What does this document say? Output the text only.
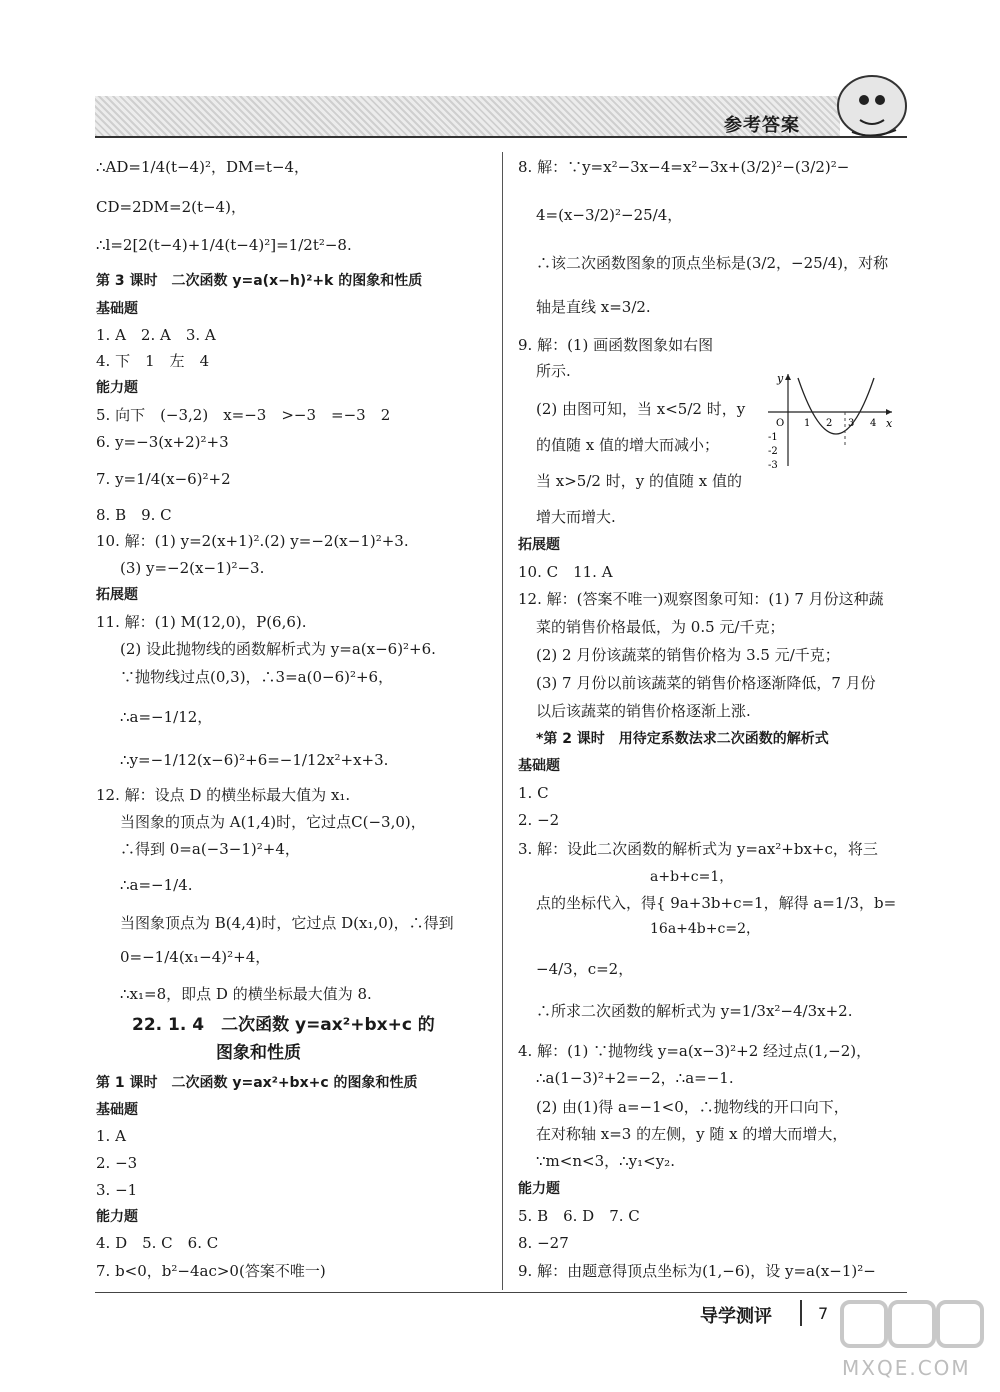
参考答案
∴AD=1/4(t−4)²，DM=t−4，
CD=2DM=2(t−4)，
∴l=2[2(t−4)+1/4(t−4)²]=1/2t²−8.
第 3 课时　二次函数 y=a(x−h)²+k 的图象和性质
基础题
1. A　2. A　3. A
4. 下　1　左　4
能力题
5. 向下　(−3,2)　x=−3　>−3　=−3　2
6. y=−3(x+2)²+3
7. y=1/4(x−6)²+2
8. B　9. C
10. 解：(1) y=2(x+1)².(2) y=−2(x−1)²+3.
(3) y=−2(x−1)²−3.
拓展题
11. 解：(1) M(12,0)，P(6,6).
(2) 设此抛物线的函数解析式为 y=a(x−6)²+6.
∵抛物线过点(0,3)，∴3=a(0−6)²+6，
∴a=−1/12，
∴y=−1/12(x−6)²+6=−1/12x²+x+3.
12. 解：设点 D 的横坐标最大值为 x₁.
当图象的顶点为 A(1,4)时，它过点C(−3,0)，
∴得到 0=a(−3−1)²+4，
∴a=−1/4.
当图象顶点为 B(4,4)时，它过点 D(x₁,0)，∴得到
0=−1/4(x₁−4)²+4，
∴x₁=8，即点 D 的横坐标最大值为 8.
22. 1. 4　二次函数 y=ax²+bx+c 的
图象和性质
第 1 课时　二次函数 y=ax²+bx+c 的图象和性质
基础题
1. A
2. −3
3. −1
能力题
4. D　5. C　6. C
7. b<0，b²−4ac>0(答案不唯一)
8. 解：∵y=x²−3x−4=x²−3x+(3/2)²−(3/2)²−
4=(x−3/2)²−25/4，
∴该二次函数图象的顶点坐标是(3/2，−25/4)，对称
轴是直线 x=3/2.
9. 解：(1) 画函数图象如右图
所示.
(2) 由图可知，当 x<5/2 时，y
的值随 x 值的增大而减小；
当 x>5/2 时，y 的值随 x 值的
增大而增大.
拓展题
10. C　11. A
12. 解：(答案不唯一)观察图象可知：(1) 7 月份这种蔬
菜的销售价格最低，为 0.5 元/千克；
(2) 2 月份该蔬菜的销售价格为 3.5 元/千克；
(3) 7 月份以前该蔬菜的销售价格逐渐降低，7 月份
以后该蔬菜的销售价格逐渐上涨.
*第 2 课时　用待定系数法求二次函数的解析式
基础题
1. C
2. −2
3. 解：设此二次函数的解析式为 y=ax²+bx+c，将三
a+b+c=1，
点的坐标代入，得{ 9a+3b+c=1，解得 a=1/3，b=
16a+4b+c=2，
−4/3，c=2，
∴所求二次函数的解析式为 y=1/3x²−4/3x+2.
4. 解：(1) ∵抛物线 y=a(x−3)²+2 经过点(1,−2)，
∴a(1−3)²+2=−2，∴a=−1.
(2) 由(1)得 a=−1<0，∴抛物线的开口向下，
在对称轴 x=3 的左侧，y 随 x 的增大而增大，
∵m<n<3，∴y₁<y₂.
能力题
5. B　6. D　7. C
8. −27
9. 解：由题意得顶点坐标为(1,−6)，设 y=a(x−1)²−
y
x
O 1 2 3 4
-1
-2
-3
导学测评	7
MXQE.COM
